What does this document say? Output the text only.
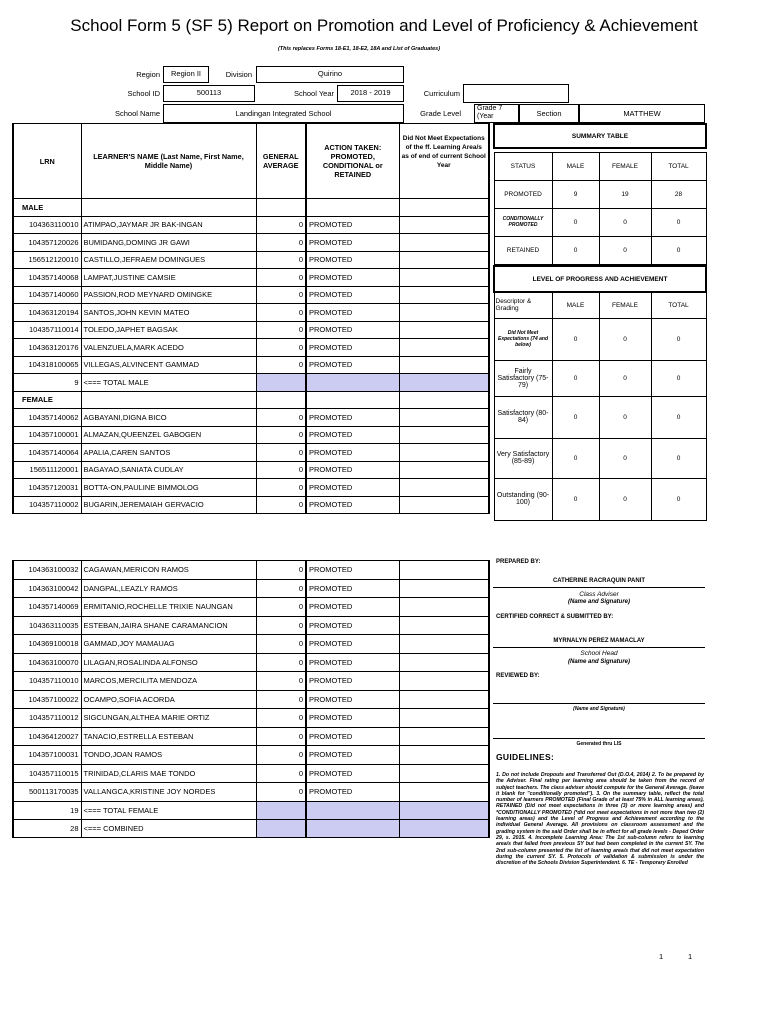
School Form 5 (SF 5) Report on Promotion and Level of Proficiency & Achievement
(This replaces Forms 18-E1, 18-E2, 18A and List of Graduates)
Region	Region II	Division	Quirino
School ID	500113	School Year	2018 - 2019	Curriculum
School Name	Landingan Integrated School	Grade Level
Grade 7 (Year	Section	MATTHEW
LRN	LEARNER'S NAME (Last Name, First Name, Middle Name)	GENERAL AVERAGE	ACTION TAKEN: PROMOTED, CONDITIONAL or RETAINED	Did Not Meet Expectations of the ff. Learning Area/s as of end of current School Year
MALE				
104363110010	ATIMPAO,JAYMAR JR BAK-INGAN	0	PROMOTED	
104357120026	BUMIDANG,DOMING JR GAWI	0	PROMOTED	
156512120010	CASTILLO,JEFRAEM DOMINGUES	0	PROMOTED	
104357140068	LAMPAT,JUSTINE CAMSIE	0	PROMOTED	
104357140060	PASSION,ROD MEYNARD OMINGKE	0	PROMOTED	
104363120194	SANTOS,JOHN KEVIN MATEO	0	PROMOTED	
104357110014	TOLEDO,JAPHET BAGSAK	0	PROMOTED	
104363120176	VALENZUELA,MARK ACEDO	0	PROMOTED	
104318100065	VILLEGAS,ALVINCENT GAMMAD	0	PROMOTED	
9	<=== TOTAL MALE			
FEMALE				
104357140062	AGBAYANI,DIGNA BICO	0	PROMOTED	
104357100001	ALMAZAN,QUEENZEL GABOGEN	0	PROMOTED	
104357140064	APALIA,CAREN SANTOS	0	PROMOTED	
156511120001	BAGAYAO,SANIATA CUDLAY	0	PROMOTED	
104357120031	BOTTA-ON,PAULINE BIMMOLOG	0	PROMOTED	
104357110002	BUGARIN,JEREMAIAH GERVACIO	0	PROMOTED	
104363100032	CAGAWAN,MERICON RAMOS	0	PROMOTED	
104363100042	DANGPAL,LEAZLY RAMOS	0	PROMOTED	
104357140069	ERMITANIO,ROCHELLE TRIXIE NAUNGAN	0	PROMOTED	
104363110035	ESTEBAN,JAIRA SHANE CARAMANCION	0	PROMOTED	
104369100018	GAMMAD,JOY MAMAUAG	0	PROMOTED	
104363100070	LILAGAN,ROSALINDA ALFONSO	0	PROMOTED	
104357110010	MARCOS,MERCILITA MENDOZA	0	PROMOTED	
104357100022	OCAMPO,SOFIA ACORDA	0	PROMOTED	
104357110012	SIGCUNGAN,ALTHEA MARIE ORTIZ	0	PROMOTED	
104364120027	TANACIO,ESTRELLA ESTEBAN	0	PROMOTED	
104357100031	TONDO,JOAN RAMOS	0	PROMOTED	
104357110015	TRINIDAD,CLARIS MAE TONDO	0	PROMOTED	
500113170035	VALLANGCA,KRISTINE JOY NORDES	0	PROMOTED	
19	<=== TOTAL FEMALE			
28	<=== COMBINED			
SUMMARY TABLE			

STATUS	MALE	FEMALE	TOTAL
PROMOTED	9	19	28
CONDITIONALLY PROMOTED	0	0	0
RETAINED	0	0	0
LEVEL OF PROGRESS AND ACHIEVEMENT			
Descriptor & Grading	MALE	FEMALE	TOTAL
Did Not Meet Expectations (74 and below)	0	0	0
Fairly Satisfactory (75-79)	0	0	0
Satisfactory (80-84)	0	0	0
Very Satisfactory (85-89)	0	0	0
Outstanding (90-100)	0	0	0
PREPARED BY:
CATHERINE RACRAQUIN PANIT
Class Adviser
(Name and Signature)
CERTIFIED CORRECT & SUBMITTED BY:
MYRNALYN PEREZ MAMACLAY
School Head
(Name and Signature)
REVIEWED BY:
(Name and Signature)
Generated thru LIS
GUIDELINES:
1. Do not include Dropouts and Transferred Out (D.O.4, 2014) 2. To be prepared by the Adviser. Final rating per learning area should be taken from the record of subject teachers. The class adviser should compute for the General Average. (leave it blank for "conditionally promoted"). 3. On the summary table, reflect the total number of learners PROMOTED (Final Grade of at least 75% in ALL learning areas), RETAINED (Did not meet expectations in three (3) or more learning areas) and *CONDITIONALLY PROMOTED (*did not meet expectations in not more than two (2) learning areas) and the Level of Progress and Achievement according to the individual General Average. All provisions on classroom assessment and the grading system in the said Order shall be in effect for all grade levels - Deped Order 29, s. 2015. 4. Incomplete Learning Area: The 1st sub-column refers to learning area/s that failed from previous SY but had been completed in the current SY. The 2nd sub-column presented the list of learning area/s that did not meet expectation during the current SY. 5. Protocols of validation & submission is under the discretion of the Schools Division Superintendent. 6. TE - Temporary Enrolled
1	1
